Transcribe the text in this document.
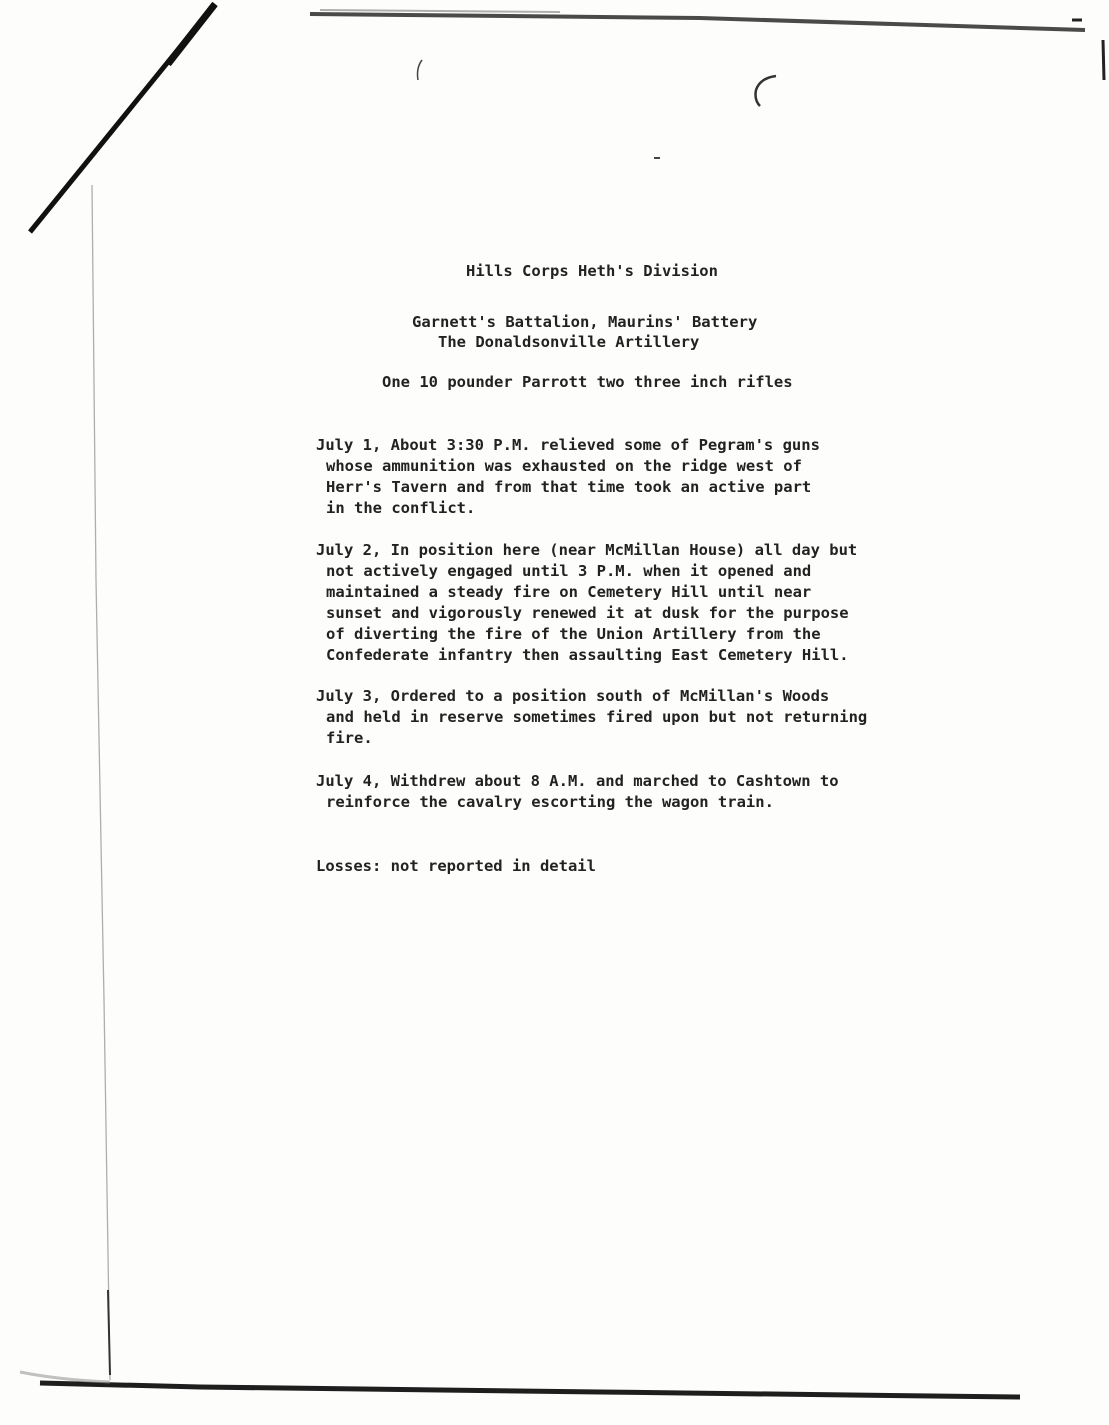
Hills Corps Heth's Division
Garnett's Battalion, Maurins' Battery
The Donaldsonville Artillery
One 10 pounder Parrott two three inch rifles
July 1, About 3:30 P.M. relieved some of Pegram's guns
whose ammunition was exhausted on the ridge west of
Herr's Tavern and from that time took an active part
in the conflict.
July 2, In position here (near McMillan House) all day but
not actively engaged until 3 P.M. when it opened and
maintained a steady fire on Cemetery Hill until near
sunset and vigorously renewed it at dusk for the purpose
of diverting the fire of the Union Artillery from the
Confederate infantry then assaulting East Cemetery Hill.
July 3, Ordered to a position south of McMillan's Woods
and held in reserve sometimes fired upon but not returning
fire.
July 4, Withdrew about 8 A.M. and marched to Cashtown to
reinforce the cavalry escorting the wagon train.
Losses: not reported in detail
